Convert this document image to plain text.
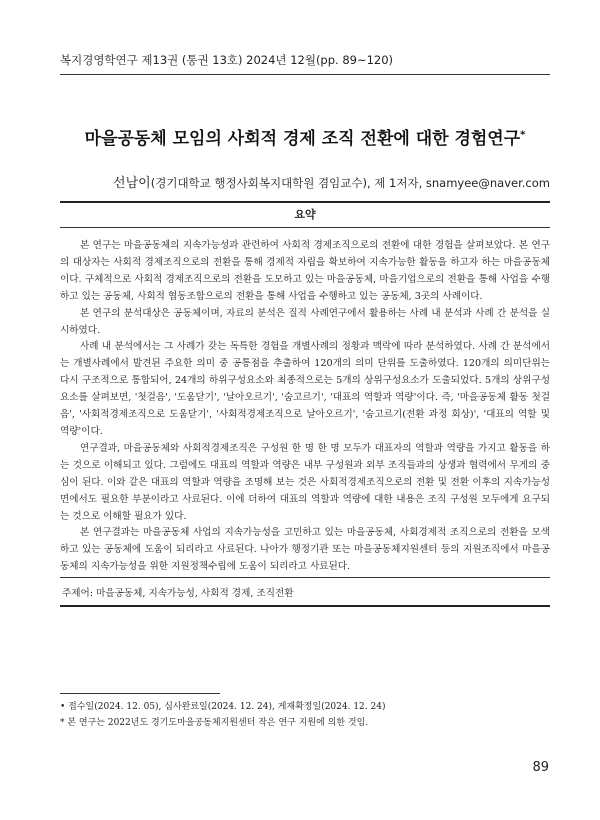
복지경영학연구 제13권 (통권 13호) 2024년 12월(pp. 89~120)
마을공동체 모임의 사회적 경제 조직 전환에 대한 경험연구*
선남이(경기대학교 행정사회복지대학원 겸임교수), 제 1저자, snamyee@naver.com
요약

본 연구는 마을공동체의 지속가능성과 관련하여 사회적 경제조직으로의 전환에 대한 경험을 살펴보았다. 본 연구의 대상자는 사회적 경제조직으로의 전환을 통해 경제적 자립을 확보하여 지속가능한 활동을 하고자 하는 마을공동체이다. 구체적으로 사회적 경제조직으로의 전환을 도모하고 있는 마을공동체, 마을기업으로의 전환을 통해 사업을 수행하고 있는 공동체, 사회적 협동조합으로의 전환을 통해 사업을 수행하고 있는 공동체, 3곳의 사례이다.

본 연구의 분석대상은 공동체이며, 자료의 분석은 질적 사례연구에서 활용하는 사례 내 분석과 사례 간 분석을 실시하였다.

사례 내 분석에서는 그 사례가 갖는 독특한 경험을 개별사례의 정황과 맥락에 따라 분석하였다. 사례 간 분석에서는 개별사례에서 발견된 주요한 의미 중 공통점을 추출하여 120개의 의미 단위를 도출하였다. 120개의 의미단위는 다시 구조적으로 통합되어, 24개의 하위구성요소와 최종적으로는 5개의 상위구성요소가 도출되었다. 5개의 상위구성요소를 살펴보면, '첫걸음', '도움닫기', '날아오르기', '숨고르기', '대표의 역할과 역량'이다. 즉, '마을공동체 활동 첫걸음', '사회적경제조직으로 도움닫기', '사회적경제조직으로 날아오르기', '숨고르기(전환 과정 회상)', '대표의 역할 및 역량'이다.

연구결과, 마을공동체와 사회적경제조직은 구성원 한 명 한 명 모두가 대표자의 역할과 역량을 가지고 활동을 하는 것으로 이해되고 있다. 그럼에도 대표의 역할과 역량은 내부 구성원과 외부 조직들과의 상생과 협력에서 무게의 중심이 된다. 이와 같은 대표의 역할과 역량을 조명해 보는 것은 사회적경제조직으로의 전환 및 전환 이후의 지속가능성 면에서도 필요한 부분이라고 사료된다. 이에 더하여 대표의 역할과 역량에 대한 내용은 조직 구성원 모두에게 요구되는 것으로 이해할 필요가 있다.

본 연구결과는 마을공동체 사업의 지속가능성을 고민하고 있는 마을공동체, 사회경제적 조직으로의 전환을 모색하고 있는 공동체에 도움이 되리라고 사료된다. 나아가 행정기관 또는 마을공동체지원센터 등의 지원조직에서 마을공동체의 지속가능성을 위한 지원정책수립에 도움이 되리라고 사료된다.

주제어: 마을공동체, 지속가능성, 사회적 경제, 조직전환
• 접수일(2024. 12. 05), 심사완료일(2024. 12. 24), 게재확정일(2024. 12. 24)
* 본 연구는 2022년도 경기도마을공동체지원센터 작은 연구 지원에 의한 것임.
89
